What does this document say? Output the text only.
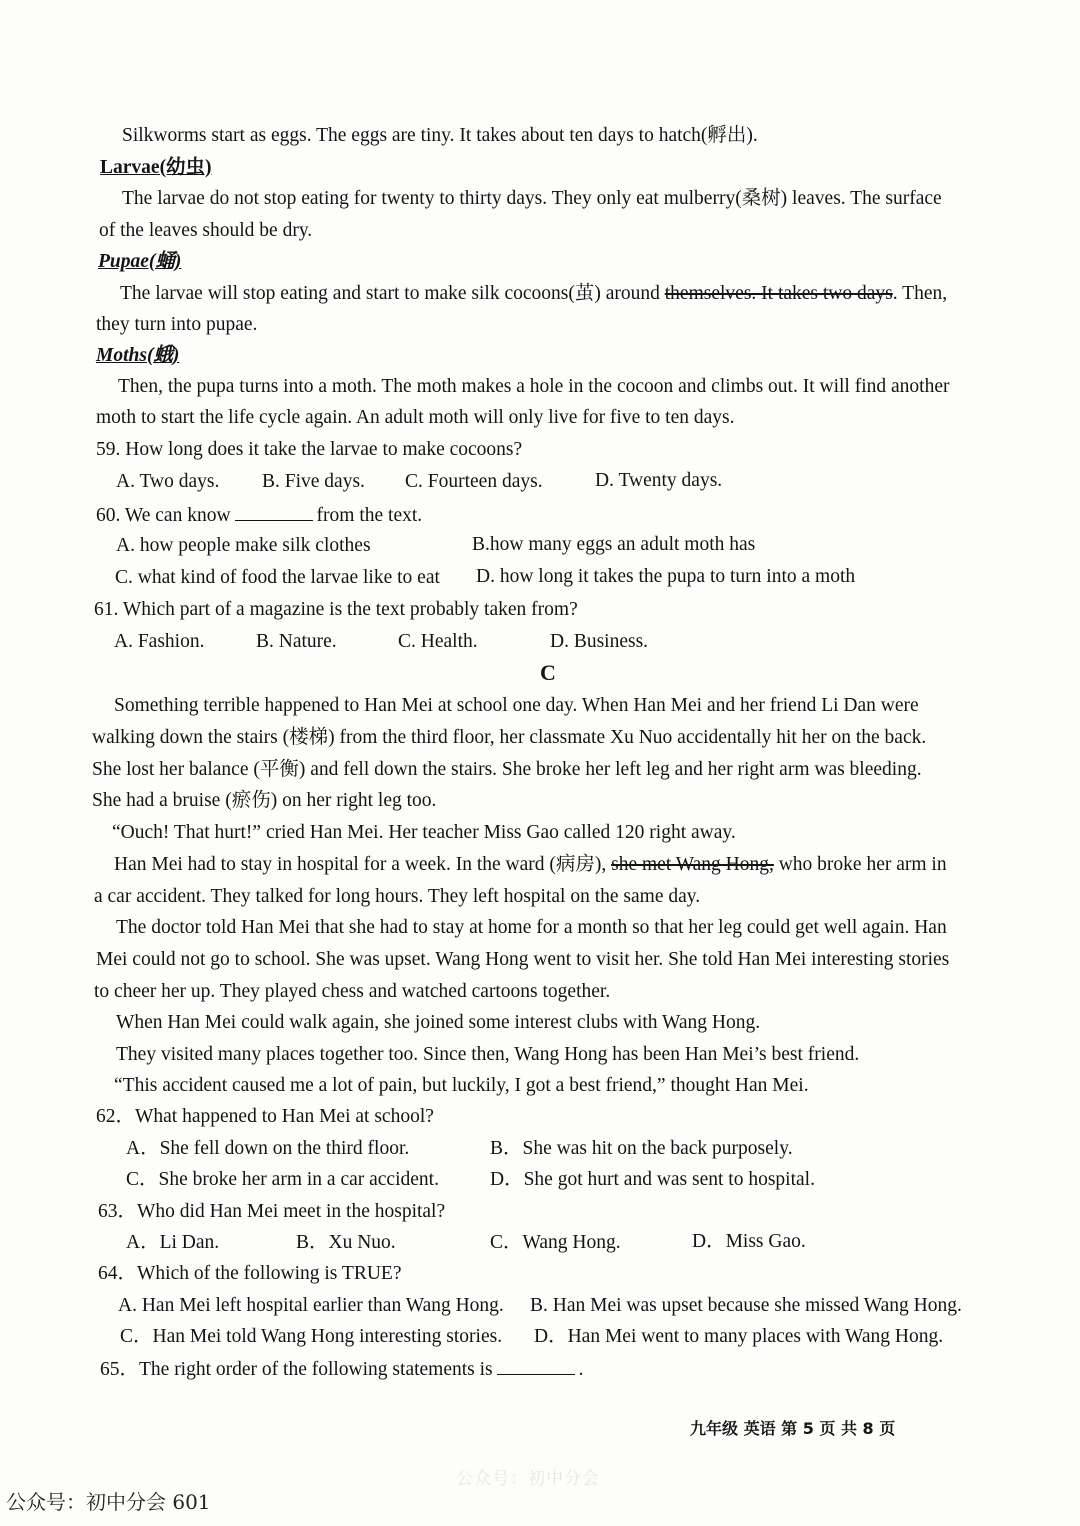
Silkworms start as eggs. The eggs are tiny. It takes about ten days to hatch(孵出).
Larvae(幼虫)
The larvae do not stop eating for twenty to thirty days. They only eat mulberry(桑树) leaves. The surface
of the leaves should be dry.
Pupae(蛹)
The larvae will stop eating and start to make silk cocoons(茧) around themselves. It takes two days. Then,
they turn into pupae.
Moths(蛾)
Then, the pupa turns into a moth. The moth makes a hole in the cocoon and climbs out. It will find another
moth to start the life cycle again. An adult moth will only live for five to ten days.
59. How long does it take the larvae to make cocoons?
A. Two days. B. Five days. C. Fourteen days.	D. Twenty days.
60. We can know	from the text.
A. how people make silk clothes	B.how many eggs an adult moth has
C. what kind of food the larvae like to eat D. how long it takes the pupa to turn into a moth
61. Which part of a magazine is the text probably taken from?
A. Fashion.	B. Nature.	C. Health.	D. Business.
C
Something terrible happened to Han Mei at school one day. When Han Mei and her friend Li Dan were
walking down the stairs (楼梯) from the third floor, her classmate Xu Nuo accidentally hit her on the back.
She lost her balance (平衡) and fell down the stairs. She broke her left leg and her right arm was bleeding.
She had a bruise (瘀伤) on her right leg too.
“Ouch! That hurt!” cried Han Mei. Her teacher Miss Gao called 120 right away.
Han Mei had to stay in hospital for a week. In the ward (病房), she met Wang Hong, who broke her arm in
a car accident. They talked for long hours. They left hospital on the same day.
The doctor told Han Mei that she had to stay at home for a month so that her leg could get well again. Han
Mei could not go to school. She was upset. Wang Hong went to visit her. She told Han Mei interesting stories
to cheer her up. They played chess and watched cartoons together.
When Han Mei could walk again, she joined some interest clubs with Wang Hong.
They visited many places together too. Since then, Wang Hong has been Han Mei’s best friend.
“This accident caused me a lot of pain, but luckily, I got a best friend,” thought Han Mei.
62．What happened to Han Mei at school?
A．She fell down on the third floor.	B．She was hit on the back purposely.
C．She broke her arm in a car accident.	D．She got hurt and was sent to hospital.
63．Who did Han Mei meet in the hospital?
A．Li Dan.	B．Xu Nuo.	C．Wang Hong.	D．Miss Gao.
64．Which of the following is TRUE?
A. Han Mei left hospital earlier than Wang Hong. B. Han Mei was upset because she missed Wang Hong.
C．Han Mei told Wang Hong interesting stories. D．Han Mei went to many places with Wang Hong.
65．The right order of the following statements is	.
九年级 英语 第 5 页 共 8 页
公众号：初中分会
公众号：初中分会 601
